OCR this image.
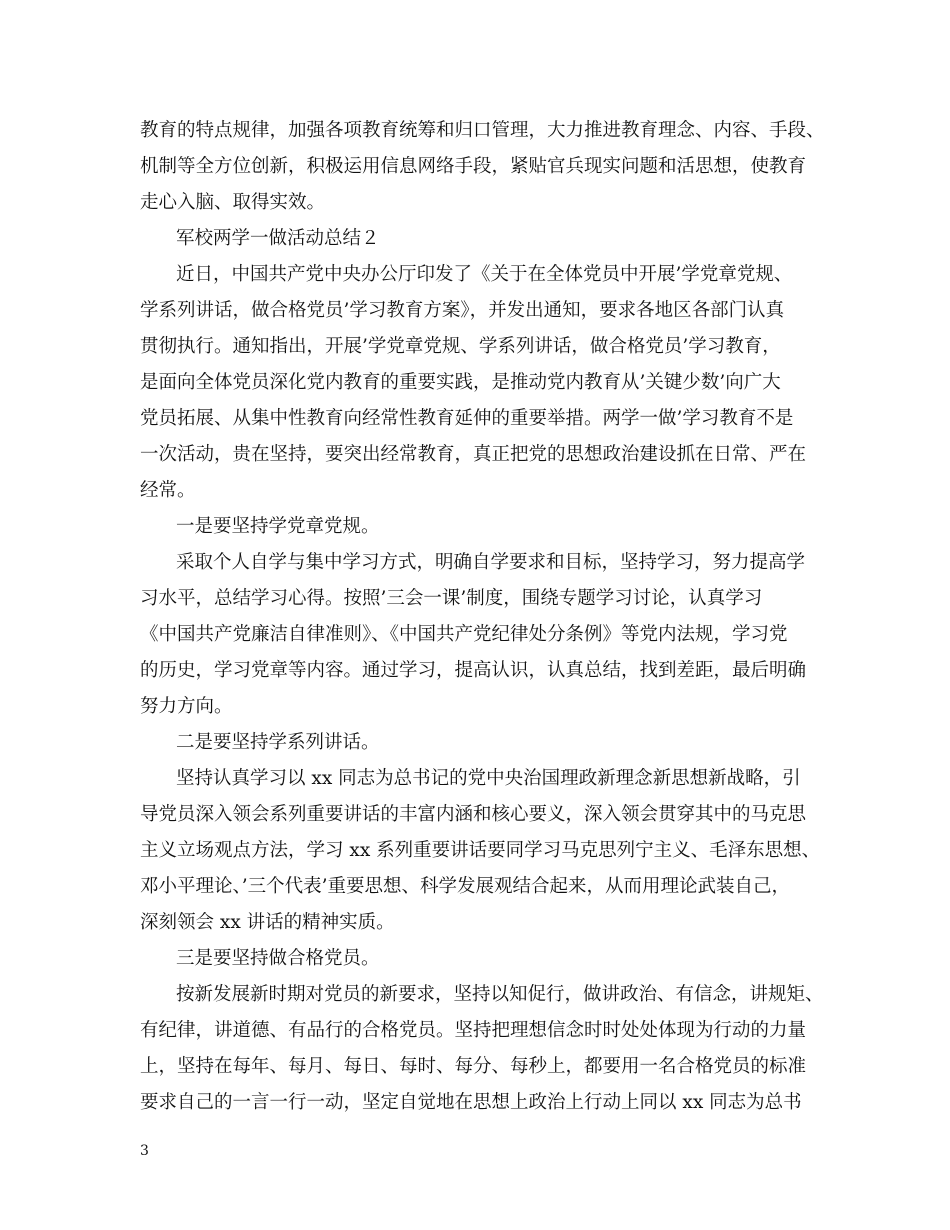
教育的特点规律，加强各项教育统筹和归口管理，大力推进教育理念、内容、手段、
机制等全方位创新，积极运用信息网络手段，紧贴官兵现实问题和活思想，使教育
走心入脑、取得实效。
军校两学一做活动总结２
近日，中国共产党中央办公厅印发了《关于在全体党员中开展’学党章党规、
学系列讲话，做合格党员’学习教育方案》，并发出通知，要求各地区各部门认真
贯彻执行。通知指出，开展’学党章党规、学系列讲话，做合格党员’学习教育，
是面向全体党员深化党内教育的重要实践，是推动党内教育从’关键少数’向广大
党员拓展、从集中性教育向经常性教育延伸的重要举措。两学一做’学习教育不是
一次活动，贵在坚持，要突出经常教育，真正把党的思想政治建设抓在日常、严在
经常。
一是要坚持学党章党规。
采取个人自学与集中学习方式，明确自学要求和目标，坚持学习，努力提高学
习水平，总结学习心得。按照’三会一课’制度，围绕专题学习讨论，认真学习
《中国共产党廉洁自律准则》、《中国共产党纪律处分条例》等党内法规，学习党
的历史，学习党章等内容。通过学习，提高认识，认真总结，找到差距，最后明确
努力方向。
二是要坚持学系列讲话。
坚持认真学习以 xx 同志为总书记的党中央治国理政新理念新思想新战略，引
导党员深入领会系列重要讲话的丰富内涵和核心要义，深入领会贯穿其中的马克思
主义立场观点方法，学习 xx 系列重要讲话要同学习马克思列宁主义、毛泽东思想、
邓小平理论、’三个代表’重要思想、科学发展观结合起来，从而用理论武装自己，
深刻领会 xx 讲话的精神实质。
三是要坚持做合格党员。
按新发展新时期对党员的新要求，坚持以知促行，做讲政治、有信念，讲规矩、
有纪律，讲道德、有品行的合格党员。坚持把理想信念时时处处体现为行动的力量
上，坚持在每年、每月、每日、每时、每分、每秒上，都要用一名合格党员的标准
要求自己的一言一行一动，坚定自觉地在思想上政治上行动上同以 xx 同志为总书
3
